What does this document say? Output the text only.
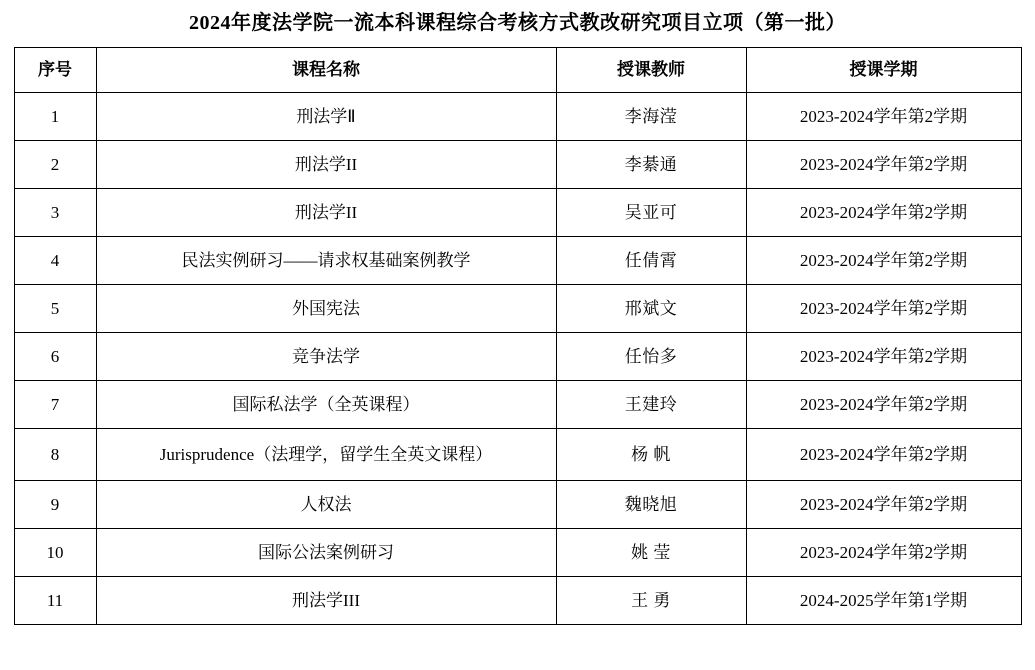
2024年度法学院一流本科课程综合考核方式教改研究项目立项（第一批）
序号	课程名称	授课教师	授课学期
1	刑法学Ⅱ	李海滢	2023-2024学年第2学期
2	刑法学II	李綦通	2023-2024学年第2学期
3	刑法学II	吴亚可	2023-2024学年第2学期
4	民法实例研习——请求权基础案例教学	任倩霄	2023-2024学年第2学期
5	外国宪法	邢斌文	2023-2024学年第2学期
6	竞争法学	任怡多	2023-2024学年第2学期
7	国际私法学（全英课程）	王建玲	2023-2024学年第2学期
8	Jurisprudence（法理学，留学生全英文课程）	杨 帆	2023-2024学年第2学期
9	人权法	魏晓旭	2023-2024学年第2学期
10	国际公法案例研习	姚 莹	2023-2024学年第2学期
11	刑法学III	王 勇	2024-2025学年第1学期
